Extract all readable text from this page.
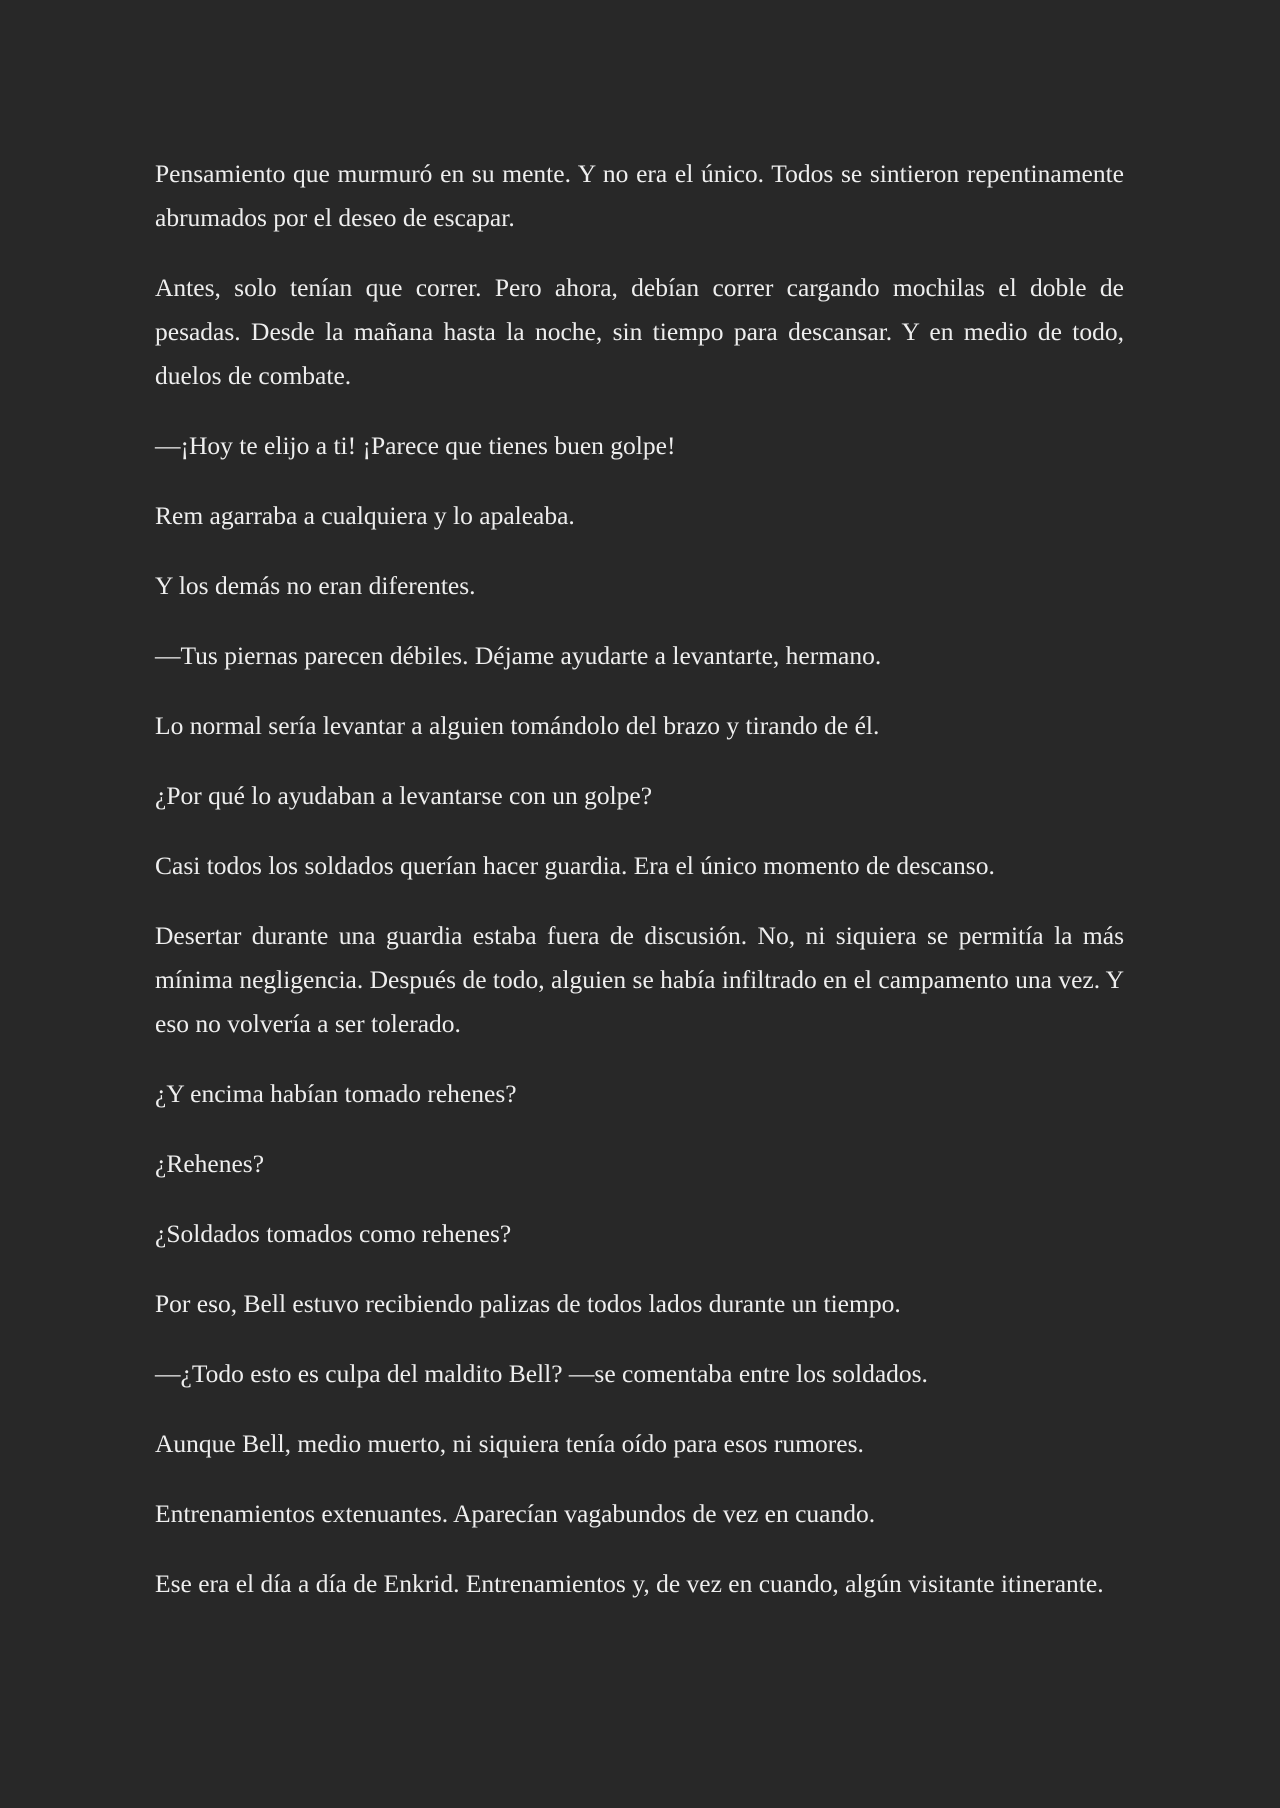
Pensamiento que murmuró en su mente. Y no era el único. Todos se sintieron repentinamente abrumados por el deseo de escapar.

Antes, solo tenían que correr. Pero ahora, debían correr cargando mochilas el doble de pesadas. Desde la mañana hasta la noche, sin tiempo para descansar. Y en medio de todo, duelos de combate.

—¡Hoy te elijo a ti! ¡Parece que tienes buen golpe!

Rem agarraba a cualquiera y lo apaleaba.

Y los demás no eran diferentes.

—Tus piernas parecen débiles. Déjame ayudarte a levantarte, hermano.

Lo normal sería levantar a alguien tomándolo del brazo y tirando de él.

¿Por qué lo ayudaban a levantarse con un golpe?

Casi todos los soldados querían hacer guardia. Era el único momento de descanso.

Desertar durante una guardia estaba fuera de discusión. No, ni siquiera se permitía la más mínima negligencia. Después de todo, alguien se había infiltrado en el campamento una vez. Y eso no volvería a ser tolerado.

¿Y encima habían tomado rehenes?

¿Rehenes?

¿Soldados tomados como rehenes?

Por eso, Bell estuvo recibiendo palizas de todos lados durante un tiempo.

—¿Todo esto es culpa del maldito Bell? —se comentaba entre los soldados.

Aunque Bell, medio muerto, ni siquiera tenía oído para esos rumores.

Entrenamientos extenuantes. Aparecían vagabundos de vez en cuando.

Ese era el día a día de Enkrid. Entrenamientos y, de vez en cuando, algún visitante itinerante.
